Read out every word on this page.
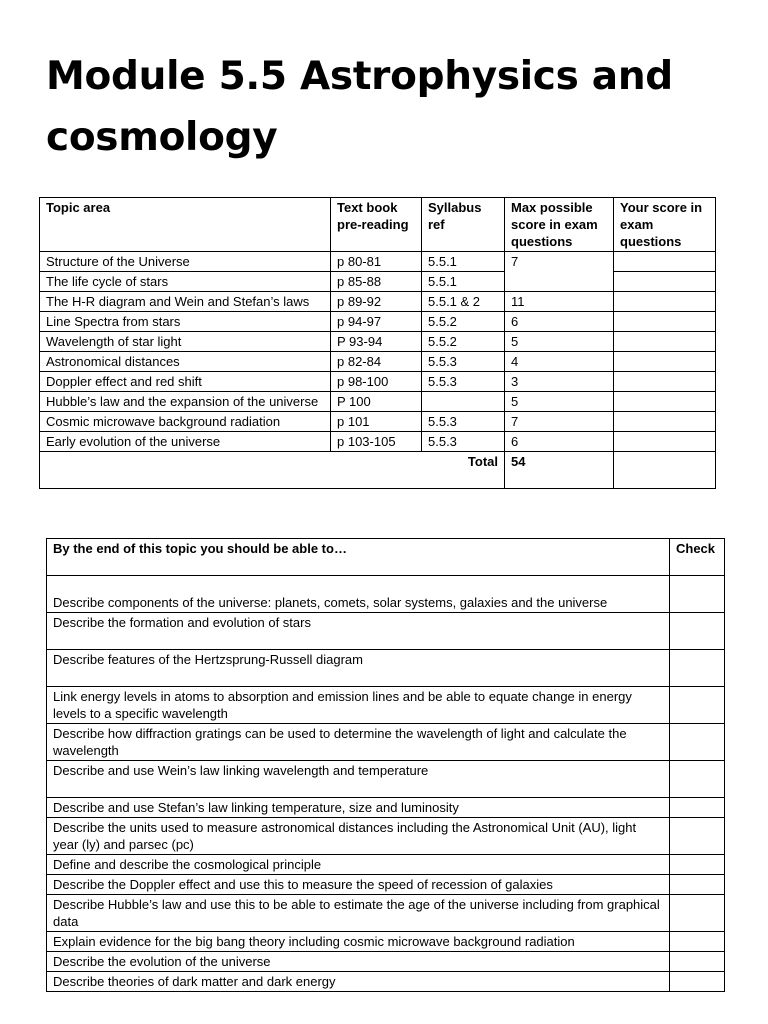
Module 5.5 Astrophysics and cosmology
Topic area	Text book pre-reading	Syllabus ref	Max possible score in exam questions	Your score in exam questions
Structure of the Universe	p 80-81	5.5.1	7	
The life cycle of stars	p 85-88	5.5.1		
The H-R diagram and Wein and Stefan’s laws	p 89-92	5.5.1 & 2	11	
Line Spectra from stars	p 94-97	5.5.2	6	
Wavelength of star light	P 93-94	5.5.2	5	
Astronomical distances	p 82-84	5.5.3	4	
Doppler effect and red shift	p 98-100	5.5.3	3	
Hubble’s law and the expansion of the universe	P 100		5	
Cosmic microwave background radiation	p 101	5.5.3	7	
Early evolution of the universe	p 103-105	5.5.3	6	
Total			54	
By the end of this topic you should be able to…	Check
Describe components of the universe: planets, comets, solar systems, galaxies and the universe	
Describe the formation and evolution of stars	
Describe features of the Hertzsprung-Russell diagram	
Link energy levels in atoms to absorption and emission lines and be able to equate change in energy levels to a specific wavelength	
Describe how diffraction gratings can be used to determine the wavelength of light and calculate the wavelength	
Describe and use Wein’s law linking wavelength and temperature	
Describe and use Stefan’s law linking temperature, size and luminosity	
Describe the units used to measure astronomical distances including the Astronomical Unit (AU), light year (ly) and parsec (pc)	
Define and describe the cosmological principle	
Describe the Doppler effect and use this to measure the speed of recession of galaxies	
Describe Hubble’s law and use this to be able to estimate the age of the universe including from graphical data	
Explain evidence for the big bang theory including cosmic microwave background radiation	
Describe the evolution of the universe	
Describe theories of dark matter and dark energy	
